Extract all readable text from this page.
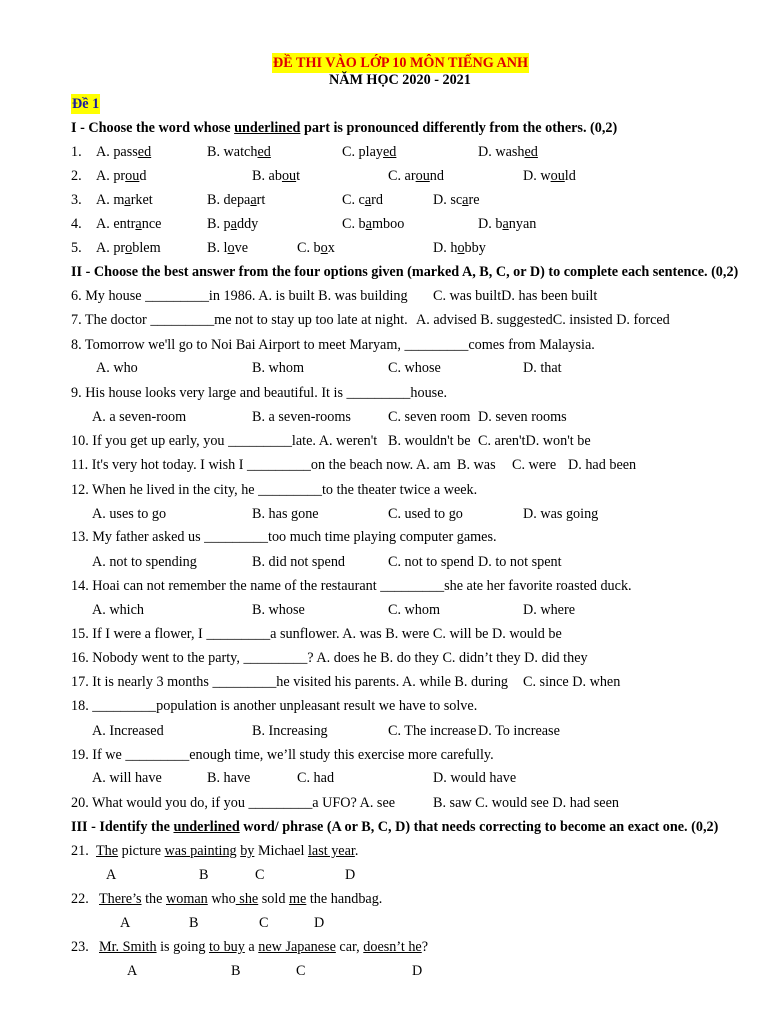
ĐỀ THI VÀO LỚP 10 MÔN TIẾNG ANH
NĂM HỌC 2020 - 2021
Đề 1
I - Choose the word whose underlined part is pronounced differently from the others. (0,2)
1. A. passed	B. watched	C. played	D. washed
2. A. proud	B. about	C. around	D. would
3. A. market	B. depaart	C. card	D. scare
4. A. entrance	B. paddy	C. bamboo	D. banyan
5. A. problem	B. love	C. box	D. hobby
II - Choose the best answer from the four options given (marked A, B, C, or D) to complete each sentence. (0,2)
6. My house _________in 1986. A. is built B. was building C. was builtD. has been built
7. The doctor _________me not to stay up too late at night. A. advised B. suggestedC. insisted D. forced
8. Tomorrow we'll go to Noi Bai Airport to meet Maryam, _________comes from Malaysia.
A. who	B. whom	C. whose	D. that
9. His house looks very large and beautiful. It is _________house.
A. a seven-room	B. a seven-rooms	C. seven room D. seven rooms
10. If you get up early, you _________late. A. weren't B. wouldn't be C. aren'tD. won't be
11. It's very hot today. I wish I _________on the beach now. A. am B. was C. were D. had been
12. When he lived in the city, he _________to the theater twice a week.
A. uses to go	B. has gone	C. used to go	D. was going
13. My father asked us _________too much time playing computer games.
A. not to spending	B. did not spend	C. not to spend D. to not spent
14. Hoai can not remember the name of the restaurant _________she ate her favorite roasted duck.
A. which	B. whose	C. whom	D. where
15. If I were a flower, I _________a sunflower. A. was B. were C. will be D. would be
16. Nobody went to the party, _________? A. does he B. do they C. didn’t they D. did they
17. It is nearly 3 months _________he visited his parents. A. while B. during C. since D. when
18. _________population is another unpleasant result we have to solve.
A. Increased	B. Increasing	C. The increase D. To increase
19. If we _________enough time, we’ll study this exercise more carefully.
A. will have	B. have	C. had	D. would have
20. What would you do, if you _________a UFO? A. see	B. saw C. would see D. had seen
III - Identify the underlined word/ phrase (A or B, C, D) that needs correcting to become an exact one. (0,2)
21. The picture was painting by Michael last year.
A	B	C	D
22. There’s the woman who she sold me the handbag.
A	B	C	D
23. Mr. Smith is going to buy a new Japanese car, doesn’t he?
A	B	C	D
